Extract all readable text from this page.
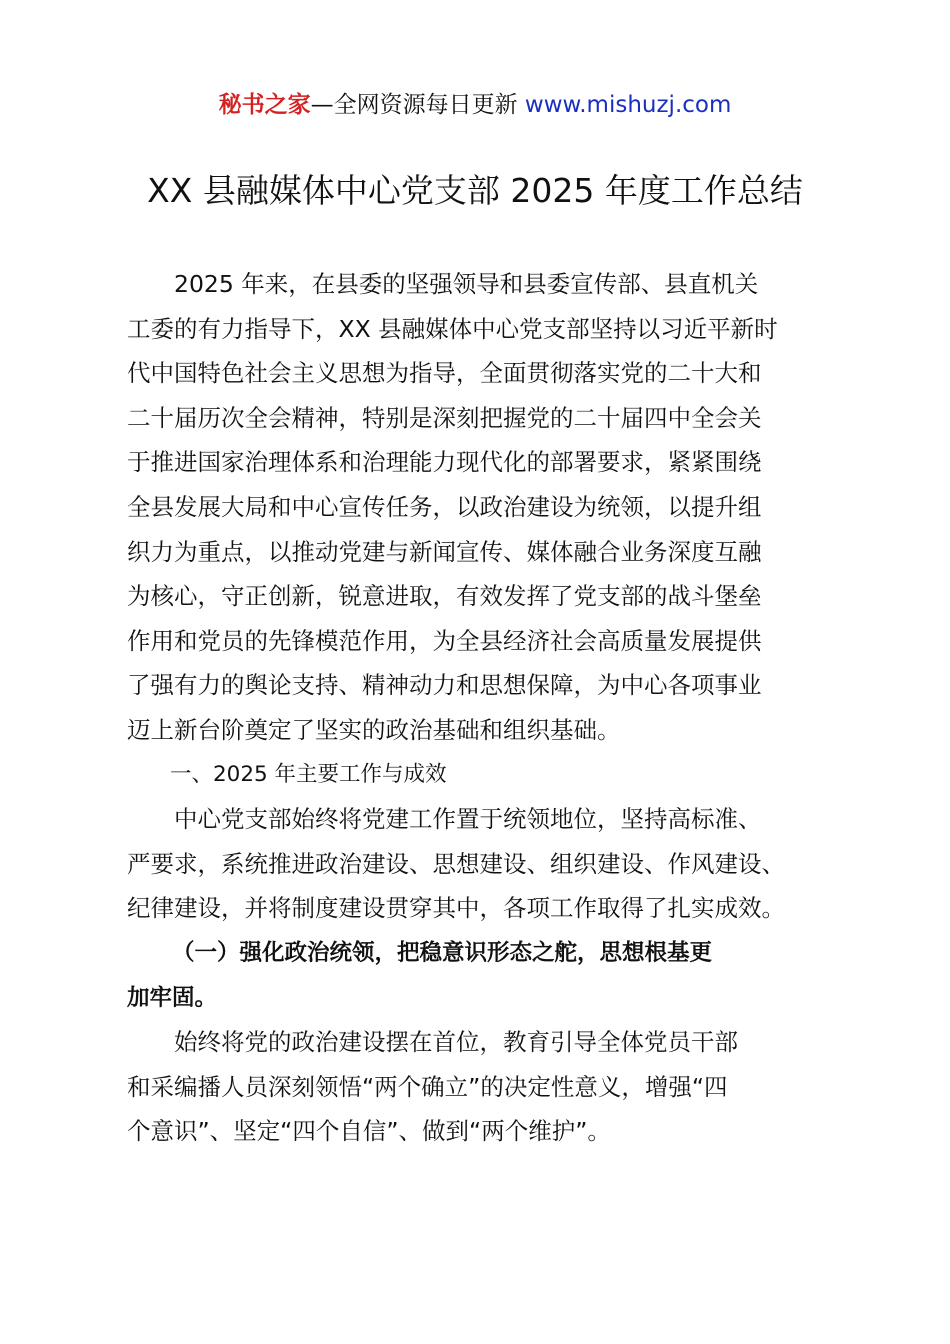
秘书之家—全网资源每日更新 www.mishuzj.com
XX 县融媒体中心党支部 2025 年度工作总结

2025 年来，在县委的坚强领导和县委宣传部、县直机关
工委的有力指导下，XX 县融媒体中心党支部坚持以习近平新时
代中国特色社会主义思想为指导，全面贯彻落实党的二十大和
二十届历次全会精神，特别是深刻把握党的二十届四中全会关
于推进国家治理体系和治理能力现代化的部署要求，紧紧围绕
全县发展大局和中心宣传任务，以政治建设为统领，以提升组
织力为重点，以推动党建与新闻宣传、媒体融合业务深度互融
为核心，守正创新，锐意进取，有效发挥了党支部的战斗堡垒
作用和党员的先锋模范作用，为全县经济社会高质量发展提供
了强有力的舆论支持、精神动力和思想保障，为中心各项事业
迈上新台阶奠定了坚实的政治基础和组织基础。

一、2025 年主要工作与成效

中心党支部始终将党建工作置于统领地位，坚持高标准、
严要求，系统推进政治建设、思想建设、组织建设、作风建设、
纪律建设，并将制度建设贯穿其中，各项工作取得了扎实成效。

（一）强化政治统领，把稳意识形态之舵，思想根基更
加牢固。

始终将党的政治建设摆在首位，教育引导全体党员干部
和采编播人员深刻领悟“两个确立”的决定性意义，增强“四
个意识”、坚定“四个自信”、做到“两个维护”。
